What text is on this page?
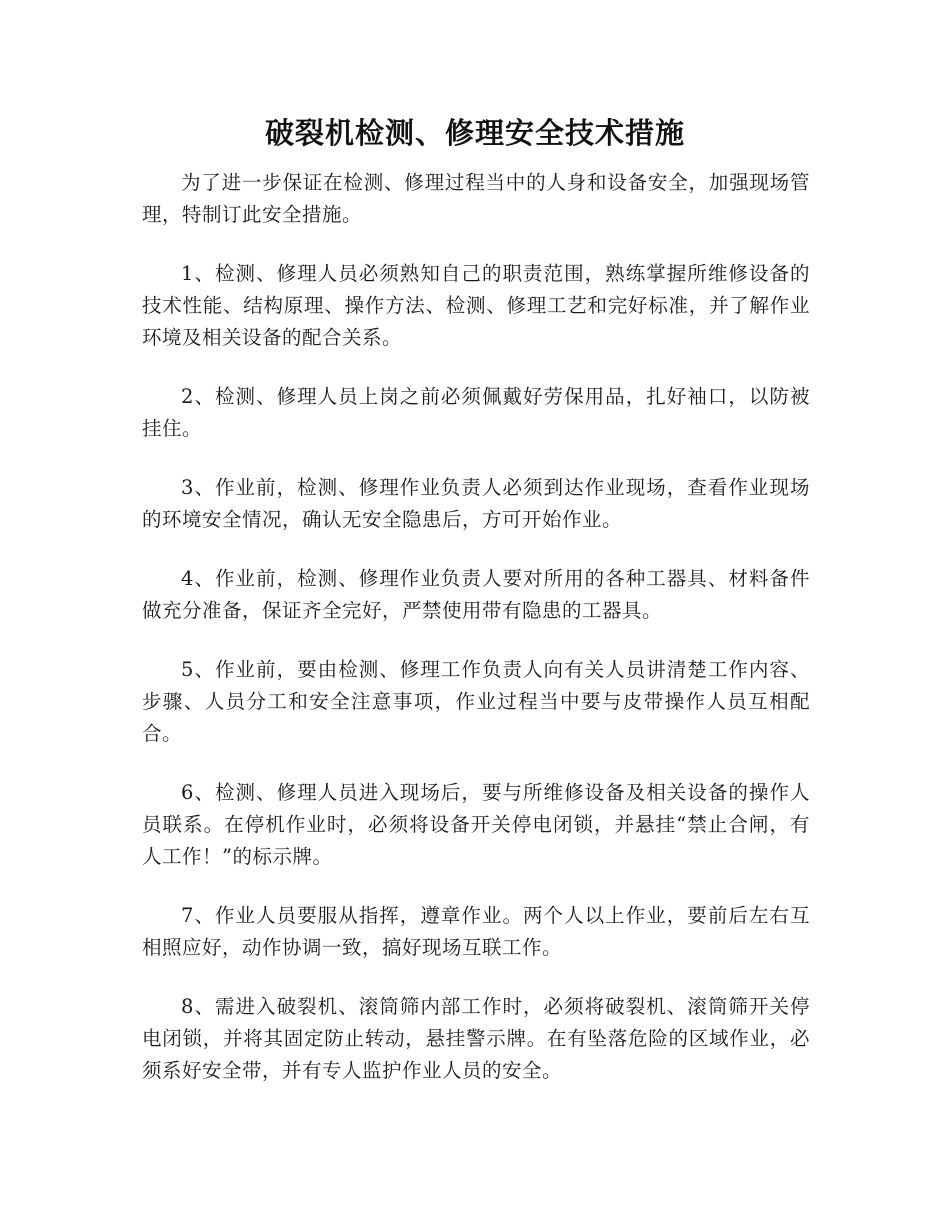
破裂机检测、修理安全技术措施

为了进一步保证在检测、修理过程当中的人身和设备安全，加强现场管理，特制订此安全措施。

1、检测、修理人员必须熟知自己的职责范围，熟练掌握所维修设备的技术性能、结构原理、操作方法、检测、修理工艺和完好标准，并了解作业环境及相关设备的配合关系。

2、检测、修理人员上岗之前必须佩戴好劳保用品，扎好袖口，以防被挂住。

3、作业前，检测、修理作业负责人必须到达作业现场，查看作业现场的环境安全情况，确认无安全隐患后，方可开始作业。

4、作业前，检测、修理作业负责人要对所用的各种工器具、材料备件做充分准备，保证齐全完好，严禁使用带有隐患的工器具。

5、作业前，要由检测、修理工作负责人向有关人员讲清楚工作内容、步骤、人员分工和安全注意事项，作业过程当中要与皮带操作人员互相配合。

6、检测、修理人员进入现场后，要与所维修设备及相关设备的操作人员联系。在停机作业时，必须将设备开关停电闭锁，并悬挂“禁止合闸，有人工作！”的标示牌。

7、作业人员要服从指挥，遵章作业。两个人以上作业，要前后左右互相照应好，动作协调一致，搞好现场互联工作。

8、需进入破裂机、滚筒筛内部工作时，必须将破裂机、滚筒筛开关停电闭锁，并将其固定防止转动，悬挂警示牌。在有坠落危险的区域作业，必须系好安全带，并有专人监护作业人员的安全。
